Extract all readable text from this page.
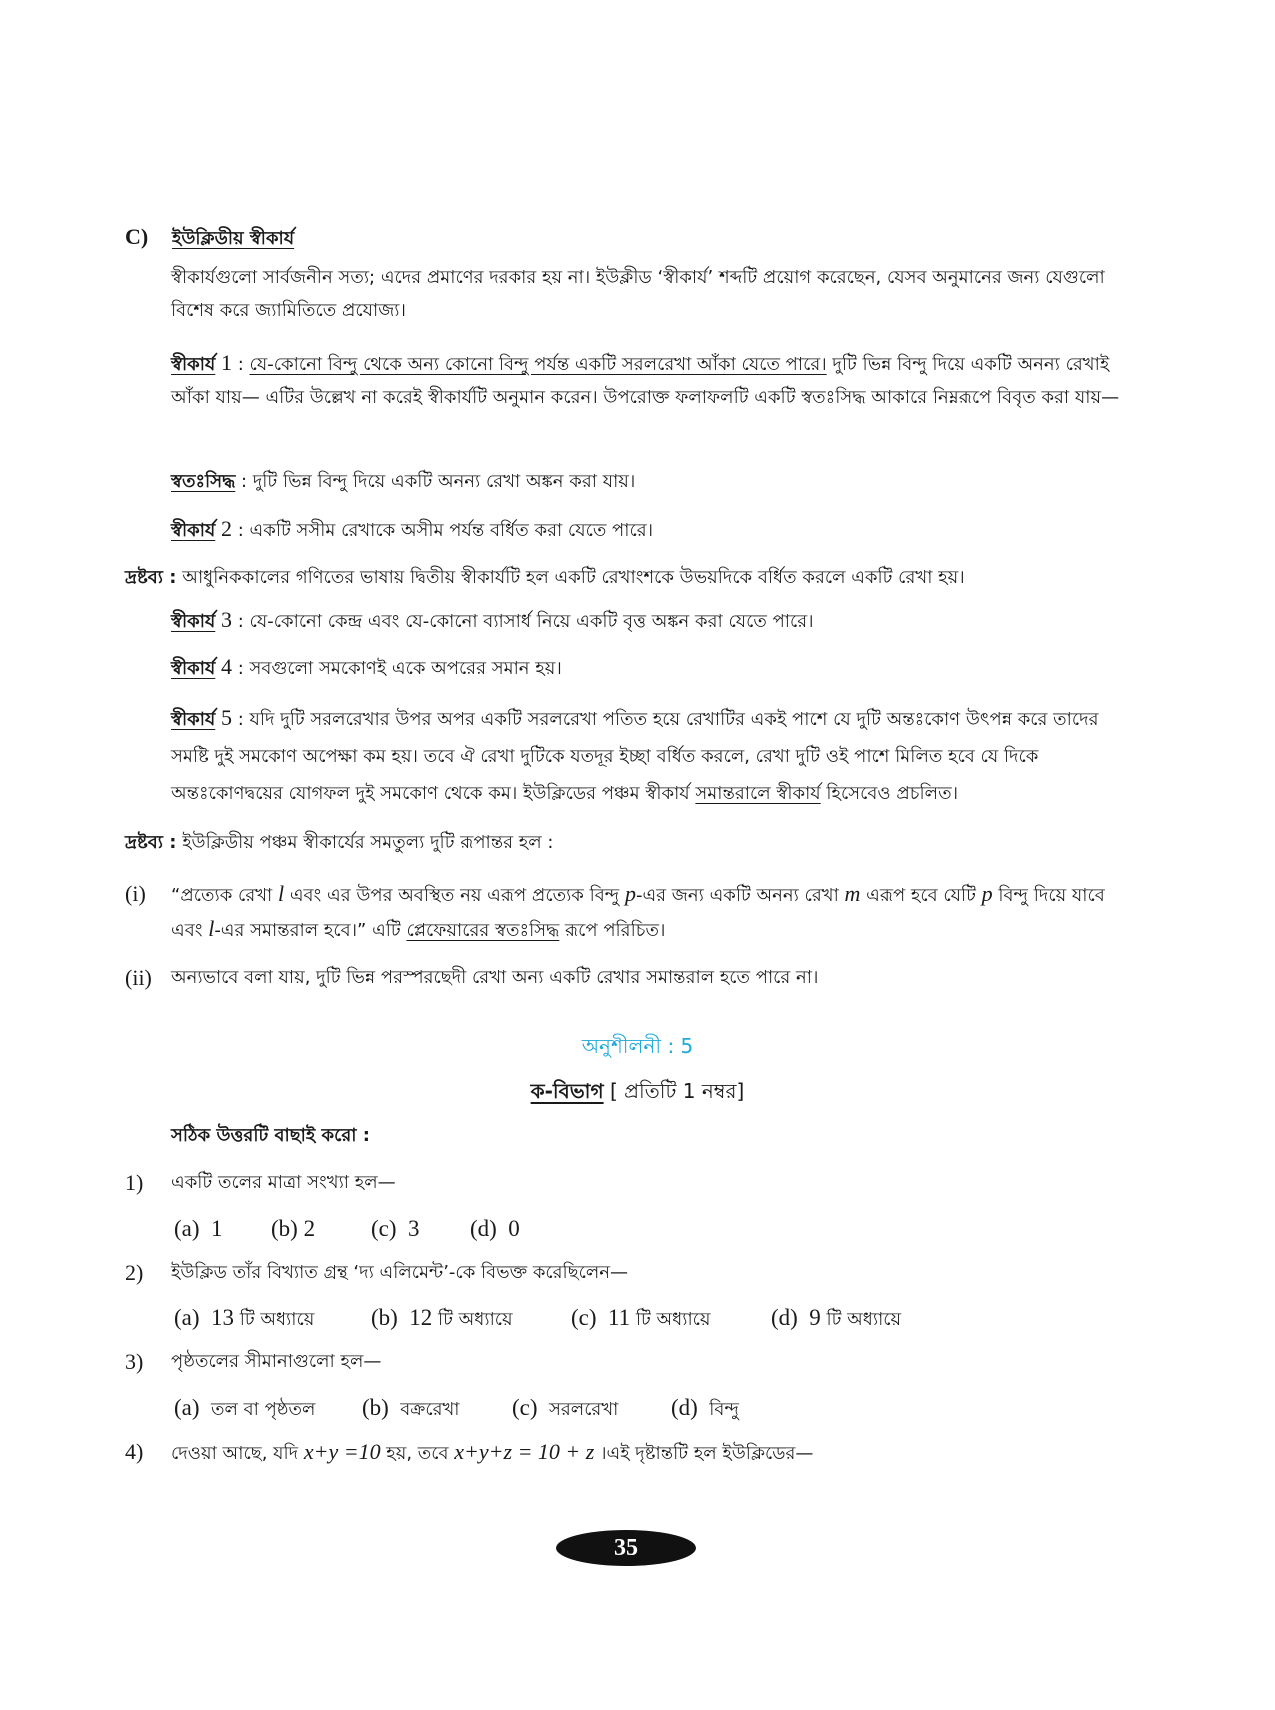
C) ইউক্লিডীয় স্বীকার্য
স্বীকার্যগুলো সার্বজনীন সত্য; এদের প্রমাণের দরকার হয় না। ইউক্লীড ‘স্বীকার্য’ শব্দটি প্রয়োগ করেছেন, যেসব অনুমানের জন্য যেগুলো বিশেষ করে জ্যামিতিতে প্রযোজ্য।
স্বীকার্য 1 : যে-কোনো বিন্দু থেকে অন্য কোনো বিন্দু পর্যন্ত একটি সরলরেখা আঁকা যেতে পারে। দুটি ভিন্ন বিন্দু দিয়ে একটি অনন্য রেখাই আঁকা যায়— এটির উল্লেখ না করেই স্বীকার্যটি অনুমান করেন। উপরোক্ত ফলাফলটি একটি স্বতঃসিদ্ধ আকারে নিম্নরূপে বিবৃত করা যায়—
স্বতঃসিদ্ধ : দুটি ভিন্ন বিন্দু দিয়ে একটি অনন্য রেখা অঙ্কন করা যায়।
স্বীকার্য 2 : একটি সসীম রেখাকে অসীম পর্যন্ত বর্ধিত করা যেতে পারে।
দ্রষ্টব্য : আধুনিককালের গণিতের ভাষায় দ্বিতীয় স্বীকার্যটি হল একটি রেখাংশকে উভয়দিকে বর্ধিত করলে একটি রেখা হয়।
স্বীকার্য 3 : যে-কোনো কেন্দ্র এবং যে-কোনো ব্যাসার্ধ নিয়ে একটি বৃত্ত অঙ্কন করা যেতে পারে।
স্বীকার্য 4 : সবগুলো সমকোণই একে অপরের সমান হয়।
স্বীকার্য 5 : যদি দুটি সরলরেখার উপর অপর একটি সরলরেখা পতিত হয়ে রেখাটির একই পাশে যে দুটি অন্তঃকোণ উৎপন্ন করে তাদের সমষ্টি দুই সমকোণ অপেক্ষা কম হয়। তবে ঐ রেখা দুটিকে যতদূর ইচ্ছা বর্ধিত করলে, রেখা দুটি ওই পাশে মিলিত হবে যে দিকে অন্তঃকোণদ্বয়ের যোগফল দুই সমকোণ থেকে কম। ইউক্লিডের পঞ্চম স্বীকার্য সমান্তরালে স্বীকার্য হিসেবেও প্রচলিত।
দ্রষ্টব্য : ইউক্লিডীয় পঞ্চম স্বীকার্যের সমতুল্য দুটি রূপান্তর হল :
(i) “প্রত্যেক রেখা l এবং এর উপর অবস্থিত নয় এরূপ প্রত্যেক বিন্দু p-এর জন্য একটি অনন্য রেখা m এরূপ হবে যেটি p বিন্দু দিয়ে যাবে এবং l-এর সমান্তরাল হবে।” এটি প্লেফেয়ারের স্বতঃসিদ্ধ রূপে পরিচিত।
(ii) অন্যভাবে বলা যায়, দুটি ভিন্ন পরস্পরছেদী রেখা অন্য একটি রেখার সমান্তরাল হতে পারে না।
অনুশীলনী : 5
ক-বিভাগ [ প্রতিটি 1 নম্বর]
সঠিক উত্তরটি বাছাই করো :
1) একটি তলের মাত্রা সংখ্যা হল—
(a) 1 (b) 2 (c) 3 (d) 0
2) ইউক্লিড তাঁর বিখ্যাত গ্রন্থ ‘দ্য এলিমেন্ট’-কে বিভক্ত করেছিলেন—
(a) 13 টি অধ্যায়ে (b) 12 টি অধ্যায়ে	(c) 11 টি অধ্যায়ে	(d) 9 টি অধ্যায়ে
3) পৃষ্ঠতলের সীমানাগুলো হল—
(a) তল বা পৃষ্ঠতল (b) বক্ররেখা (c) সরলরেখা (d) বিন্দু
4) দেওয়া আছে, যদি x+y =10 হয়, তবে x+y+z = 10 + z ।এই দৃষ্টান্তটি হল ইউক্লিডের—
35
